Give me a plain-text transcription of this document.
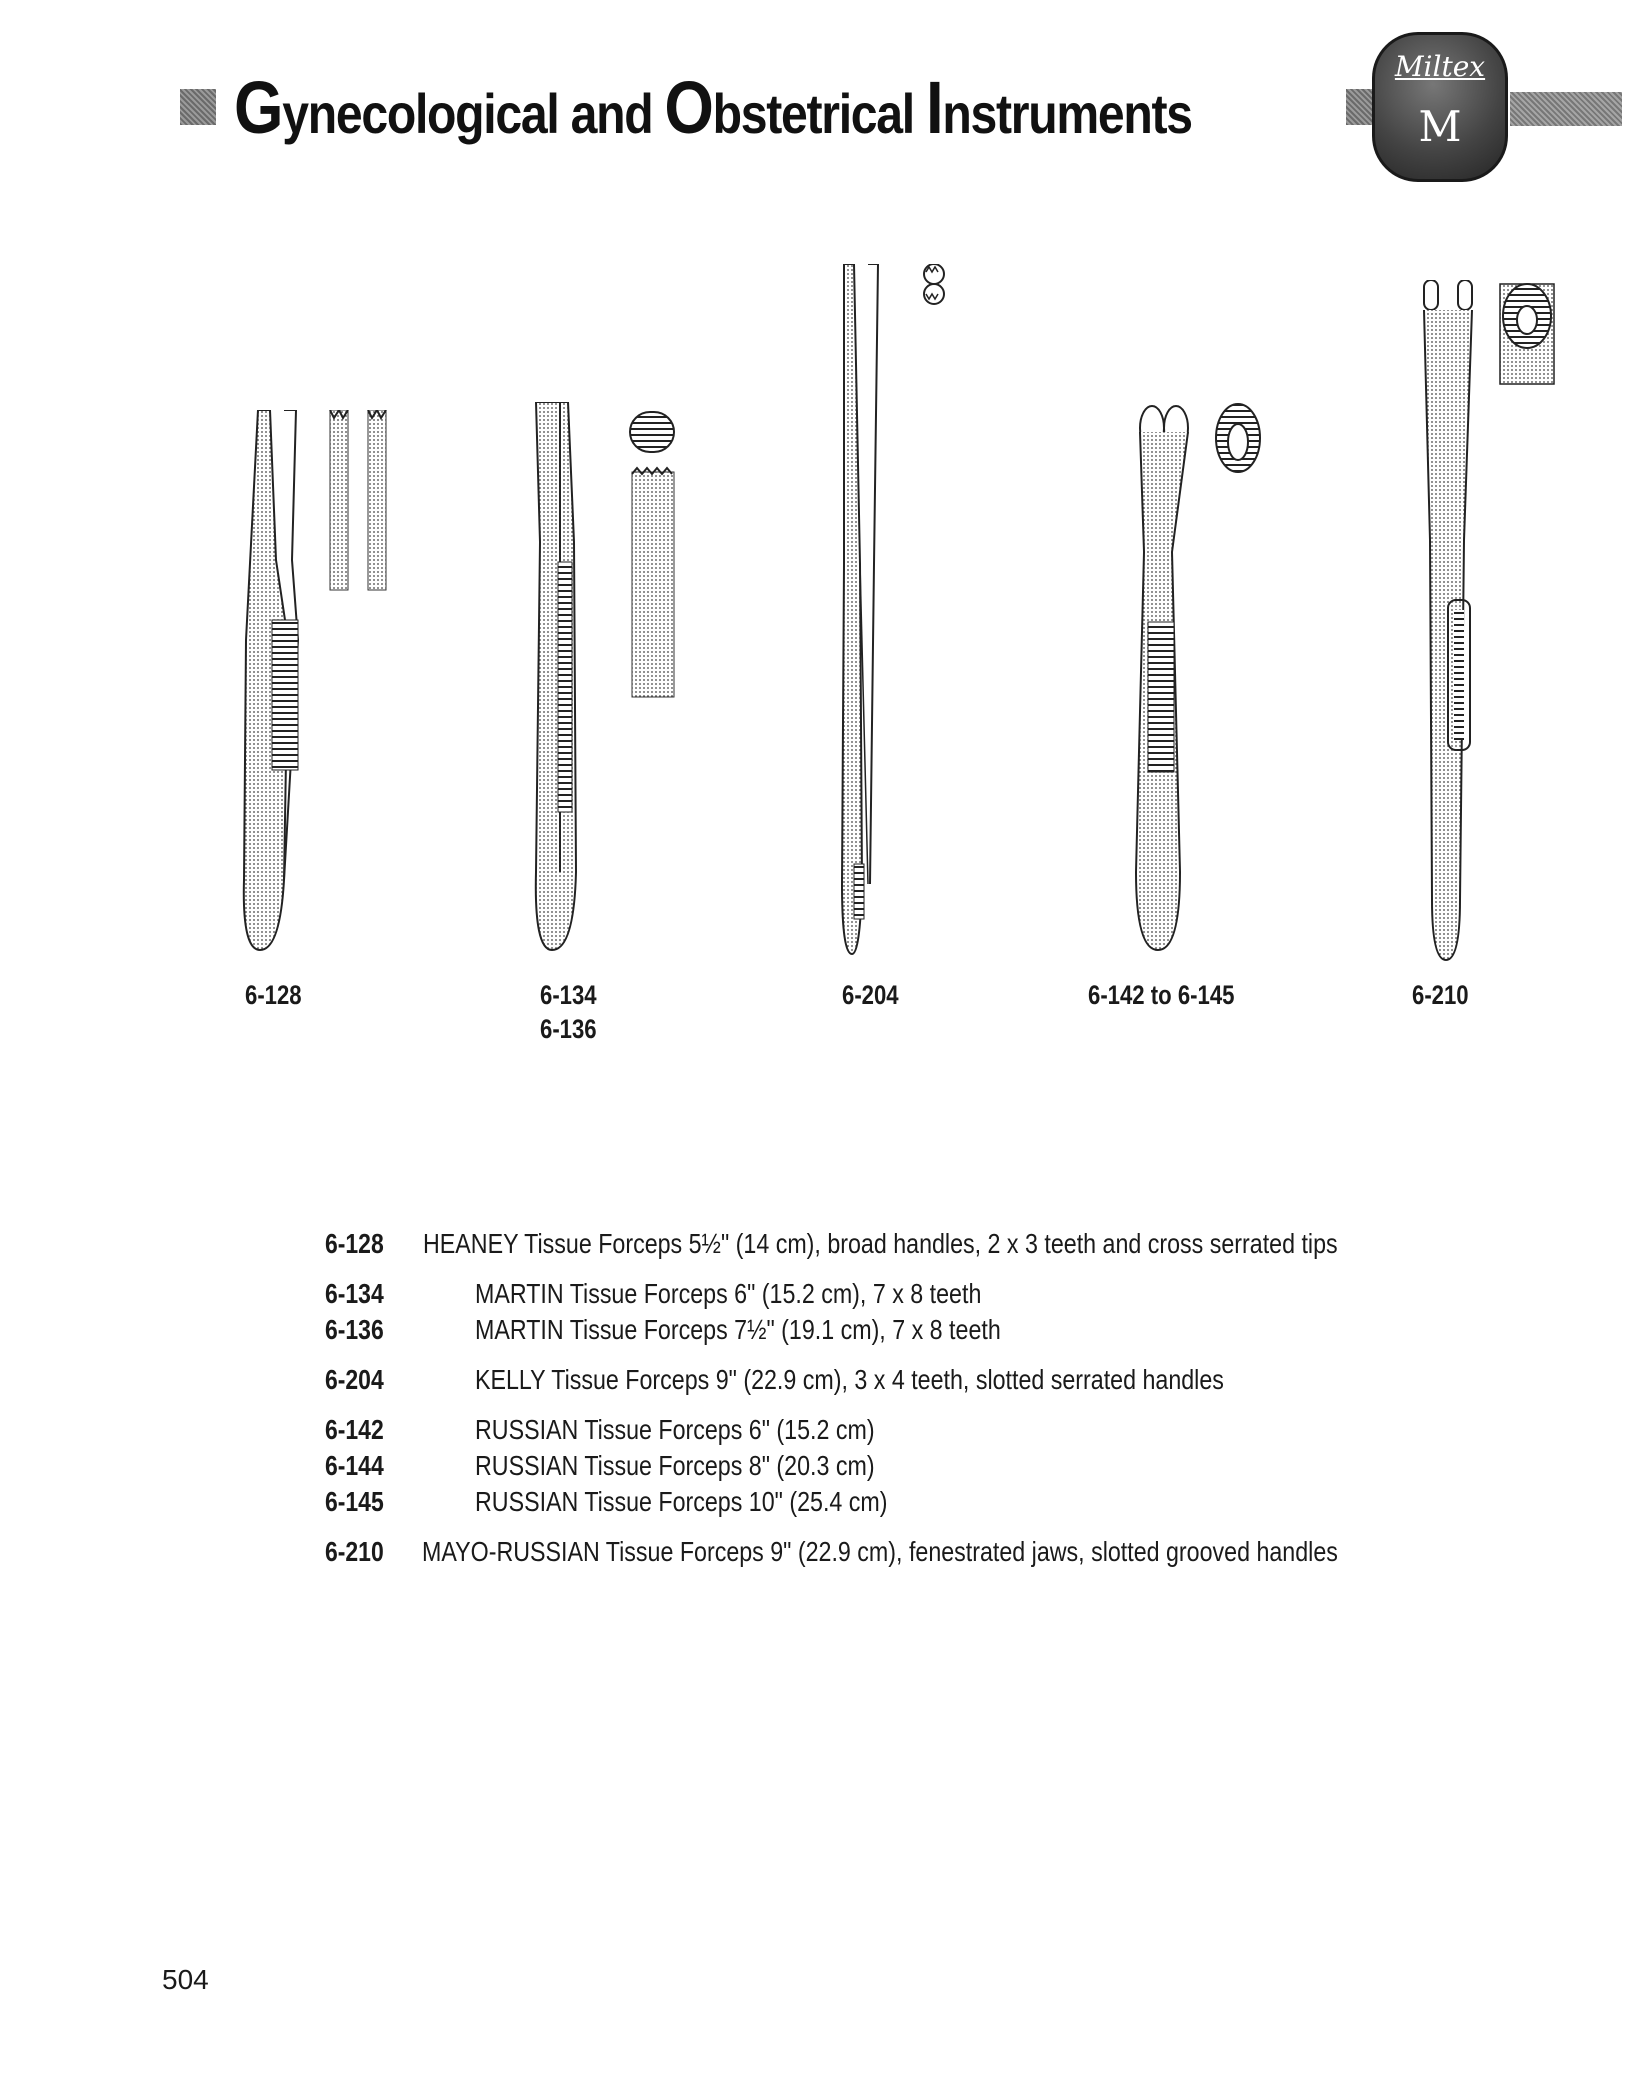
Gynecological and Obstetrical Instruments
Miltex
M
6-128	6-134
6-136
6-204	6-142 to 6-145	6-210
6-128	HEANEY Tissue Forceps 5½" (14 cm), broad handles, 2 x 3 teeth and cross serrated tips
6-134	MARTIN Tissue Forceps 6" (15.2 cm), 7 x 8 teeth
6-136	MARTIN Tissue Forceps 7½" (19.1 cm), 7 x 8 teeth
6-204	KELLY Tissue Forceps 9" (22.9 cm), 3 x 4 teeth, slotted serrated handles
6-142	RUSSIAN Tissue Forceps 6" (15.2 cm)
6-144	RUSSIAN Tissue Forceps 8" (20.3 cm)
6-145	RUSSIAN Tissue Forceps 10" (25.4 cm)
6-210	MAYO-RUSSIAN Tissue Forceps 9" (22.9 cm), fenestrated jaws, slotted grooved handles
504
